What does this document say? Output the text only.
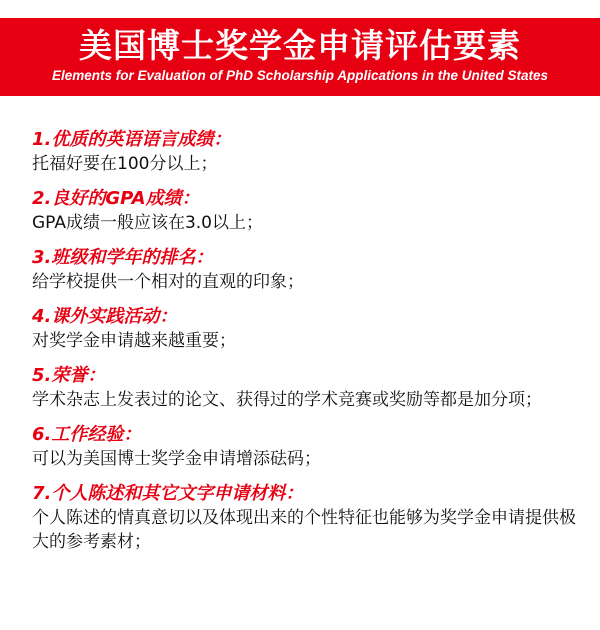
美国博士奖学金申请评估要素
Elements for Evaluation of PhD Scholarship Applications in the United States
1.优质的英语语言成绩：
托福好要在100分以上；
2.良好的GPA成绩：
GPA成绩一般应该在3.0以上；
3.班级和学年的排名：
给学校提供一个相对的直观的印象；
4.课外实践活动：
对奖学金申请越来越重要；
5.荣誉：
学术杂志上发表过的论文、获得过的学术竞赛或奖励等都是加分项；
6.工作经验：
可以为美国博士奖学金申请增添砝码；
7.个人陈述和其它文字申请材料：
个人陈述的情真意切以及体现出来的个性特征也能够为奖学金申请提供极大的参考素材；
